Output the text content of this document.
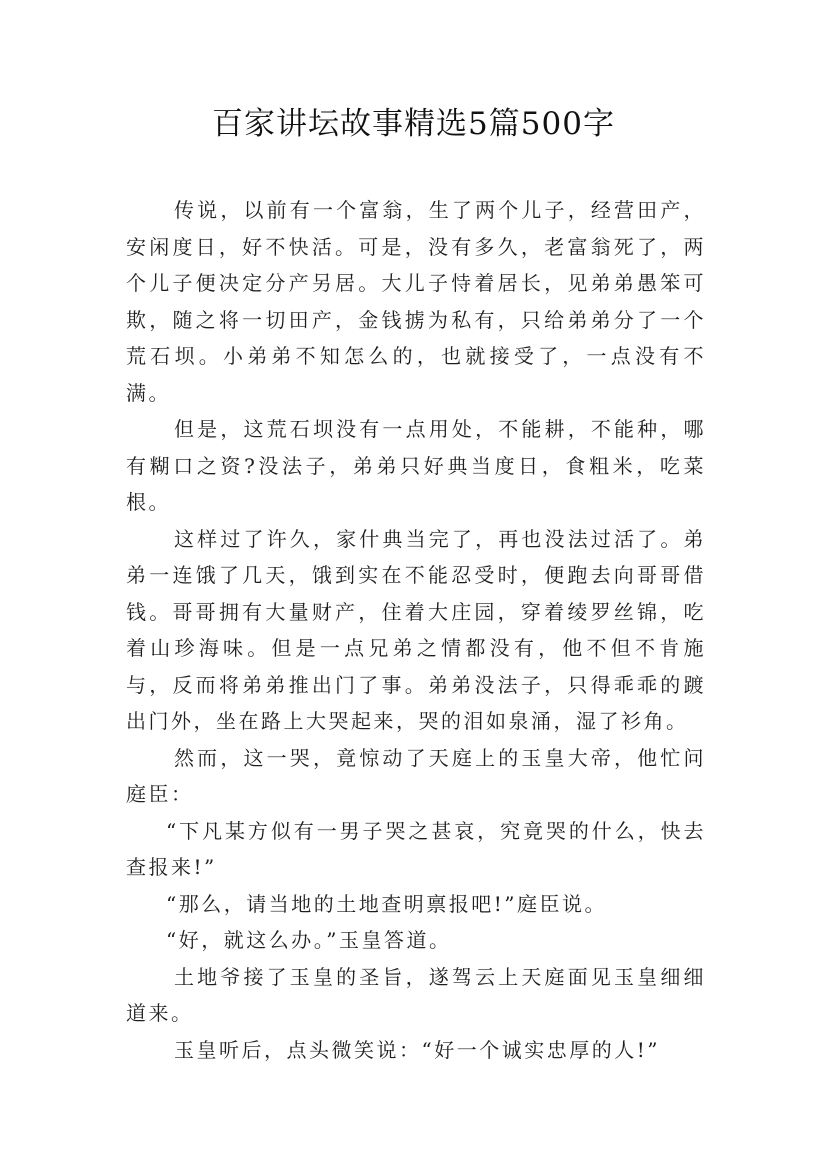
百家讲坛故事精选5篇500字

传说，以前有一个富翁，生了两个儿子，经营田产，安闲度日，好不快活。可是，没有多久，老富翁死了，两个儿子便决定分产另居。大儿子恃着居长，见弟弟愚笨可欺，随之将一切田产，金钱掳为私有，只给弟弟分了一个荒石坝。小弟弟不知怎么的，也就接受了，一点没有不满。

但是，这荒石坝没有一点用处，不能耕，不能种，哪有糊口之资?没法子，弟弟只好典当度日，食粗米，吃菜根。

这样过了许久，家什典当完了，再也没法过活了。弟弟一连饿了几天，饿到实在不能忍受时，便跑去向哥哥借钱。哥哥拥有大量财产，住着大庄园，穿着绫罗丝锦，吃着山珍海味。但是一点兄弟之情都没有，他不但不肯施与，反而将弟弟推出门了事。弟弟没法子，只得乖乖的踱出门外，坐在路上大哭起来，哭的泪如泉涌，湿了衫角。

然而，这一哭，竟惊动了天庭上的玉皇大帝，他忙问庭臣：

“下凡某方似有一男子哭之甚哀，究竟哭的什么，快去查报来!”

“那么，请当地的土地查明禀报吧!”庭臣说。

“好，就这么办。”玉皇答道。

土地爷接了玉皇的圣旨，遂驾云上天庭面见玉皇细细道来。

玉皇听后，点头微笑说：“好一个诚实忠厚的人!”
